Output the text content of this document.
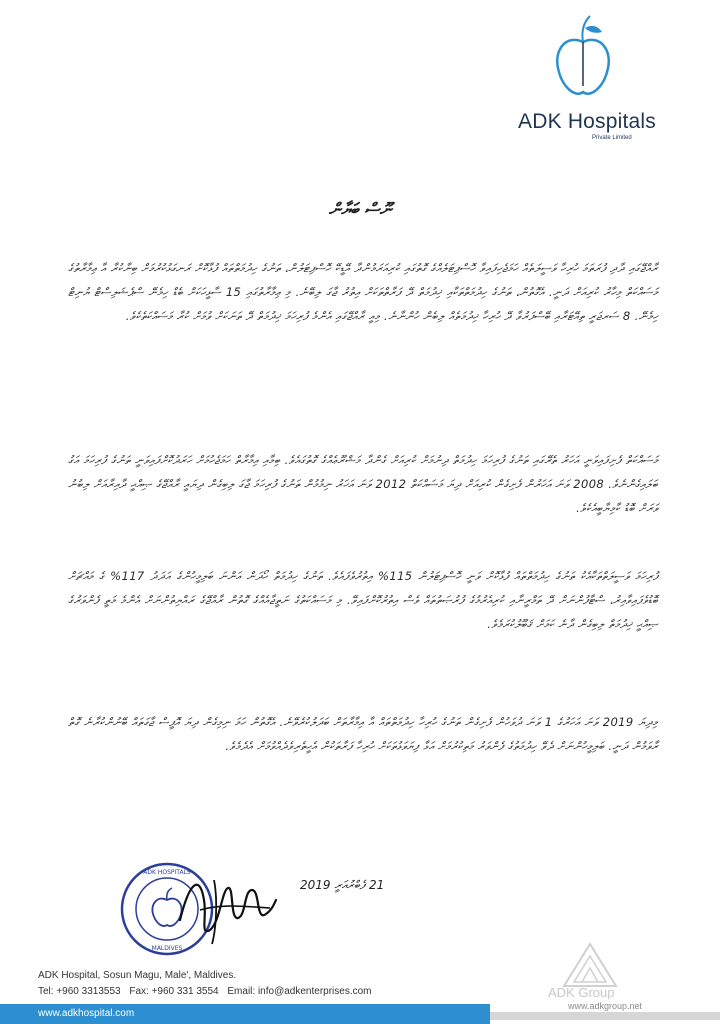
ADK Hospitals
Private Limited
ނޫސް ބަޔާން
ރާއްޖޭގައި ދާދި ފުރަތަމަ ހުރިހާ ވަސީލަތެއް ހަމަޖެހިފައިވާ ހޮސްޕިޓަލެއްގެ ގޮތުގައި ކުރިއަރަމުންދާ އޭޑީކޭ ހޮސްޕިޓަލުން، ތަނުގެ ހިދުމަތްތައް ފުޅާކޮށް ރަނގަޅުކުރުމަށް ބިނާކުރާ އާ ޢިމާރާތުގެ މަސައްކަތް މިހާރު ކުރިއަށް ދަނީ. އެގޮތުން، ތަނުގެ ހިދުމަތްތަކާއި ޚިދުމަތް ދޭ ފަރާތްތަކަށް އިތުރު ޖާގަ ލިބޭނެ. މި ޢިމާރާތުގައި 15 ސާޅީހަކަށް ބެޑް ހިމެނޭ ސްޕެޝަލިސްޓް ޔުނިޓް ހިމެނޭ. 8 ސަރޖަރީ ތިއޭޓަރާއި ބޭސްފަރުވާ ދޭ ހުރިހާ ޚިދުމަތެއް ލިބެން ހުންނާނެ. މިއީ ރާއްޖޭގައި އެންމެ ފުރިހަމަ ޚިދުމަތް ދޭ ތަނަކަށް ވުމަށް ކުރާ މަސައްކަތެކެވެ.
މަސައްކަތް ފެށިފައިވަނީ އަހަރު ތެރޭގައި ތަނުގެ ފުރިހަމަ ހިދުމަތް ދިނުމަށް ކުރިއަށް ގެންދާ މަޝްރޫޢެއްގެ ގޮތުގައެވެ. ބިމާއި އިމާރާތް ހަމަޖެހުމަށް ހަރަދުކޮށްފައިވަނީ ތަނުގެ ފުރިހަމަ އަގު ބަލައިގެންނެވެ. 2008 ވަނަ އަހަރުން ފެށިގެން ކުރިއަށް ދިޔަ މަސައްކަތް 2012 ވަނަ އަހަރު ނިމުމުން ތަނުގެ ފުރިހަމަ ޖާގަ ލިބިގެން ދިޔައީ ރާއްޖޭގެ ޞިއްޙީ ދާއިރާއަށް ލިބުނު ވަރަށް ބޮޑު ކާމިޔާބީއެކެވެ.
ފުރިހަމަ ވަސީލަތްތަކާއެކު ތަނުގެ ހިދުމަތްތައް ފުޅާކޮށް ވަނީ ހޮސްޕިޓަލުން 115% އިތުރުވެފައެވެ. ތަނުގެ ހިދުމަތް ހޯދަން އަންނަ ބަލިމީހުންގެ އަދަދު 117% ގެ މައްޗަށް ބޮޑުވެފައިވާއިރު، ސްޓާފުންނަށް ދޭ ތަމްރީނާއި ކުރިއެރުމުގެ ފުރުޞަތުތައް ވެސް އިތުރުކޮށްފައިވޭ. މި މަސައްކަތުގެ ނަތީޖާއެއްގެ ގޮތުން ރާއްޖޭގެ ރައްޔިތުންނަށް އެންމެ މަތީ ފެންވަރުގެ ޞިއްޙީ ޚިދުމަތް ލިބިގެން ދާނެ ކަމަށް ޤަބޫލުކުރަމެވެ.
މިދިޔަ 2019 ވަނަ އަހަރުގެ 1 ވަނަ ދުވަހުން ފެށިގެން ތަނުގެ ހުރިހާ ހިދުމަތްތައް އާ އިމާރާތަށް ބަދަލުކުރެވޭނެ. އެގޮތުން ހަމަ ނިމިގެން ދިޔަ އޮފީސް ޖާގަތައް ބޭނުންކުރާނެ ގޮތް ރާވަމުން ދަނީ. ބަލިމީހުންނަށް ދެވޭ ހިދުމަތުގެ ފެންވަރު މަތިކުރުމަށް އަޅާ ފިޔަވަޅުތަކަށް ހުރިހާ ފަރާތަކުން އެހީތެރިވެދެއްވުމަށް އެދެމެވެ.
21 ފެބްރުއަރީ 2019
ADK HOSPITALS
MALDIVES
ADK Hospital, Sosun Magu, Male', Maldives.
Tel: +960 3313553 Fax: +960 331 3554 Email: info@adkenterprises.com	ADK Group
www.adkgroup.net
www.adkhospital.com
